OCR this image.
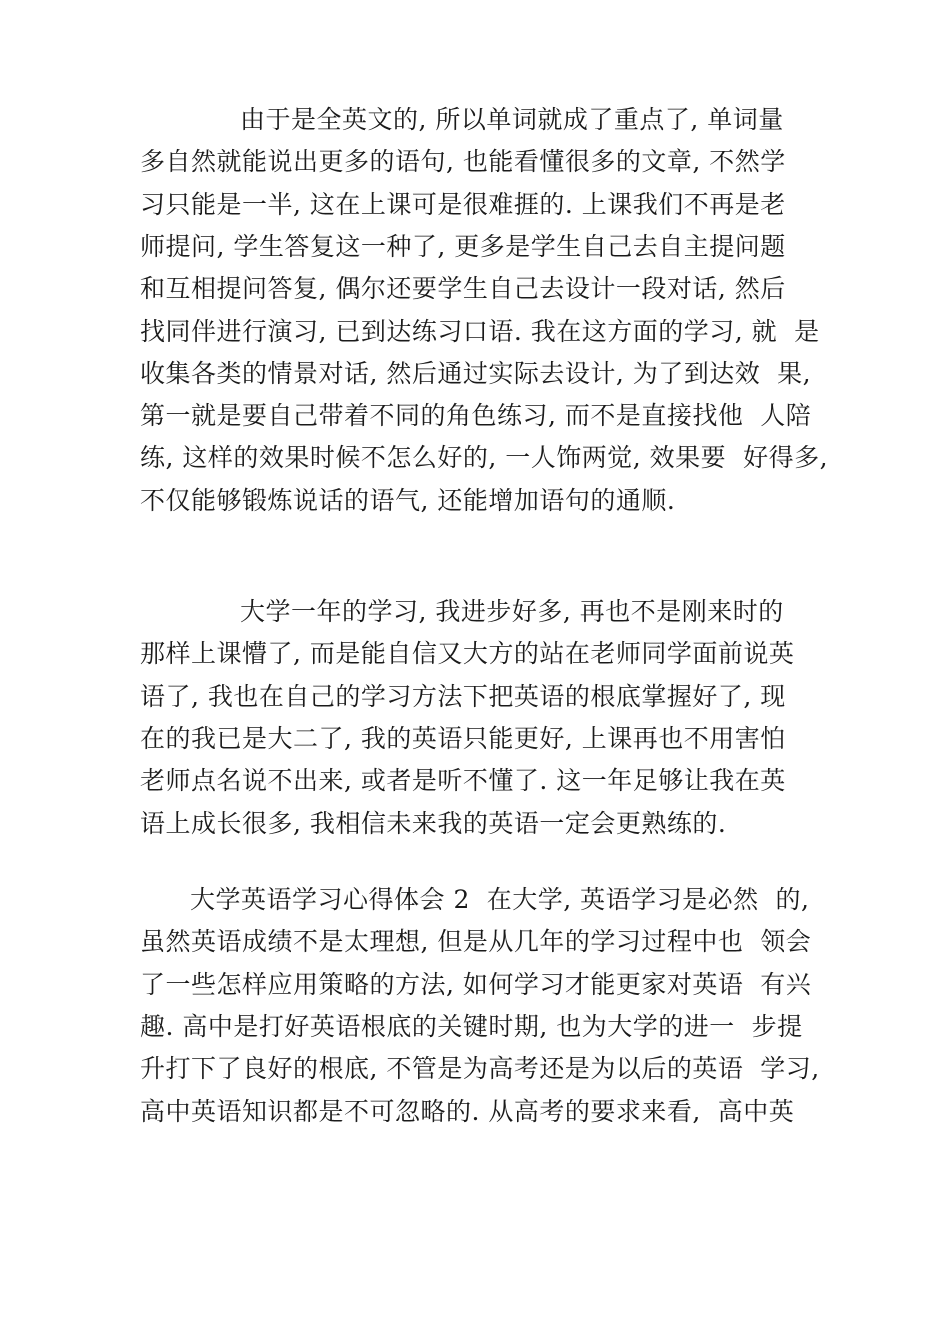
由于是全英文的, 所以单词就成了重点了, 单词量
多自然就能说出更多的语句, 也能看懂很多的文章, 不然学
习只能是一半, 这在上课可是很难捱的. 上课我们不再是老
师提问, 学生答复这一种了, 更多是学生自己去自主提问题
和互相提问答复, 偶尔还要学生自己去设计一段对话, 然后
找同伴进行演习, 已到达练习口语. 我在这方面的学习, 就  是
收集各类的情景对话, 然后通过实际去设计, 为了到达效  果,
第一就是要自己带着不同的角色练习, 而不是直接找他  人陪
练, 这样的效果时候不怎么好的, 一人饰两觉, 效果要  好得多,
不仅能够锻炼说话的语气, 还能增加语句的通顺.
大学一年的学习, 我进步好多, 再也不是刚来时的
那样上课懵了, 而是能自信又大方的站在老师同学面前说英
语了, 我也在自己的学习方法下把英语的根底掌握好了, 现
在的我已是大二了, 我的英语只能更好, 上课再也不用害怕
老师点名说不出来, 或者是听不懂了. 这一年足够让我在英
语上成长很多, 我相信未来我的英语一定会更熟练的.
大学英语学习心得体会 2  在大学, 英语学习是必然  的,
虽然英语成绩不是太理想, 但是从几年的学习过程中也  领会
了一些怎样应用策略的方法, 如何学习才能更家对英语  有兴
趣. 高中是打好英语根底的关键时期, 也为大学的进一  步提
升打下了良好的根底, 不管是为高考还是为以后的英语  学习,
高中英语知识都是不可忽略的. 从高考的要求来看,  高中英
